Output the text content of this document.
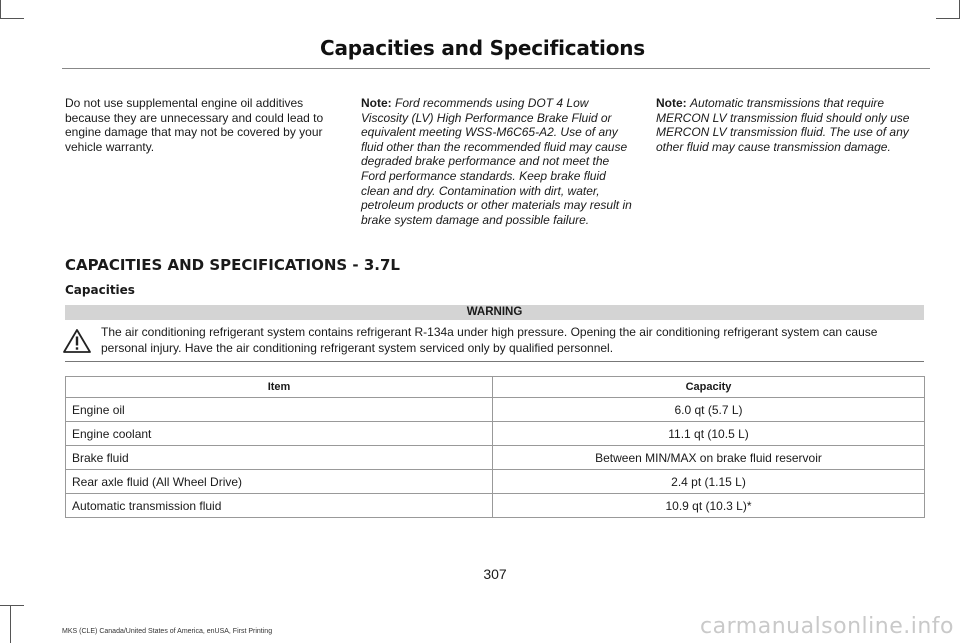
Capacities and Specifications
Do not use supplemental engine oil additives because they are unnecessary and could lead to engine damage that may not be covered by your vehicle warranty.
Note: Ford recommends using DOT 4 Low Viscosity (LV) High Performance Brake Fluid or equivalent meeting WSS-M6C65-A2. Use of any fluid other than the recommended fluid may cause degraded brake performance and not meet the Ford performance standards. Keep brake fluid clean and dry. Contamination with dirt, water, petroleum products or other materials may result in brake system damage and possible failure.
Note: Automatic transmissions that require MERCON LV transmission fluid should only use MERCON LV transmission fluid. The use of any other fluid may cause transmission damage.
CAPACITIES AND SPECIFICATIONS - 3.7L
Capacities
WARNING
The air conditioning refrigerant system contains refrigerant R-134a under high pressure. Opening the air conditioning refrigerant system can cause personal injury. Have the air conditioning refrigerant system serviced only by qualified personnel.
Item	Capacity
Engine oil	6.0 qt (5.7 L)
Engine coolant	11.1 qt (10.5 L)
Brake fluid	Between MIN/MAX on brake fluid reservoir
Rear axle fluid (All Wheel Drive)	2.4 pt (1.15 L)
Automatic transmission fluid	10.9 qt (10.3 L)*
307
MKS (CLE) Canada/United States of America, enUSA, First Printing	carmanualsonline.info
